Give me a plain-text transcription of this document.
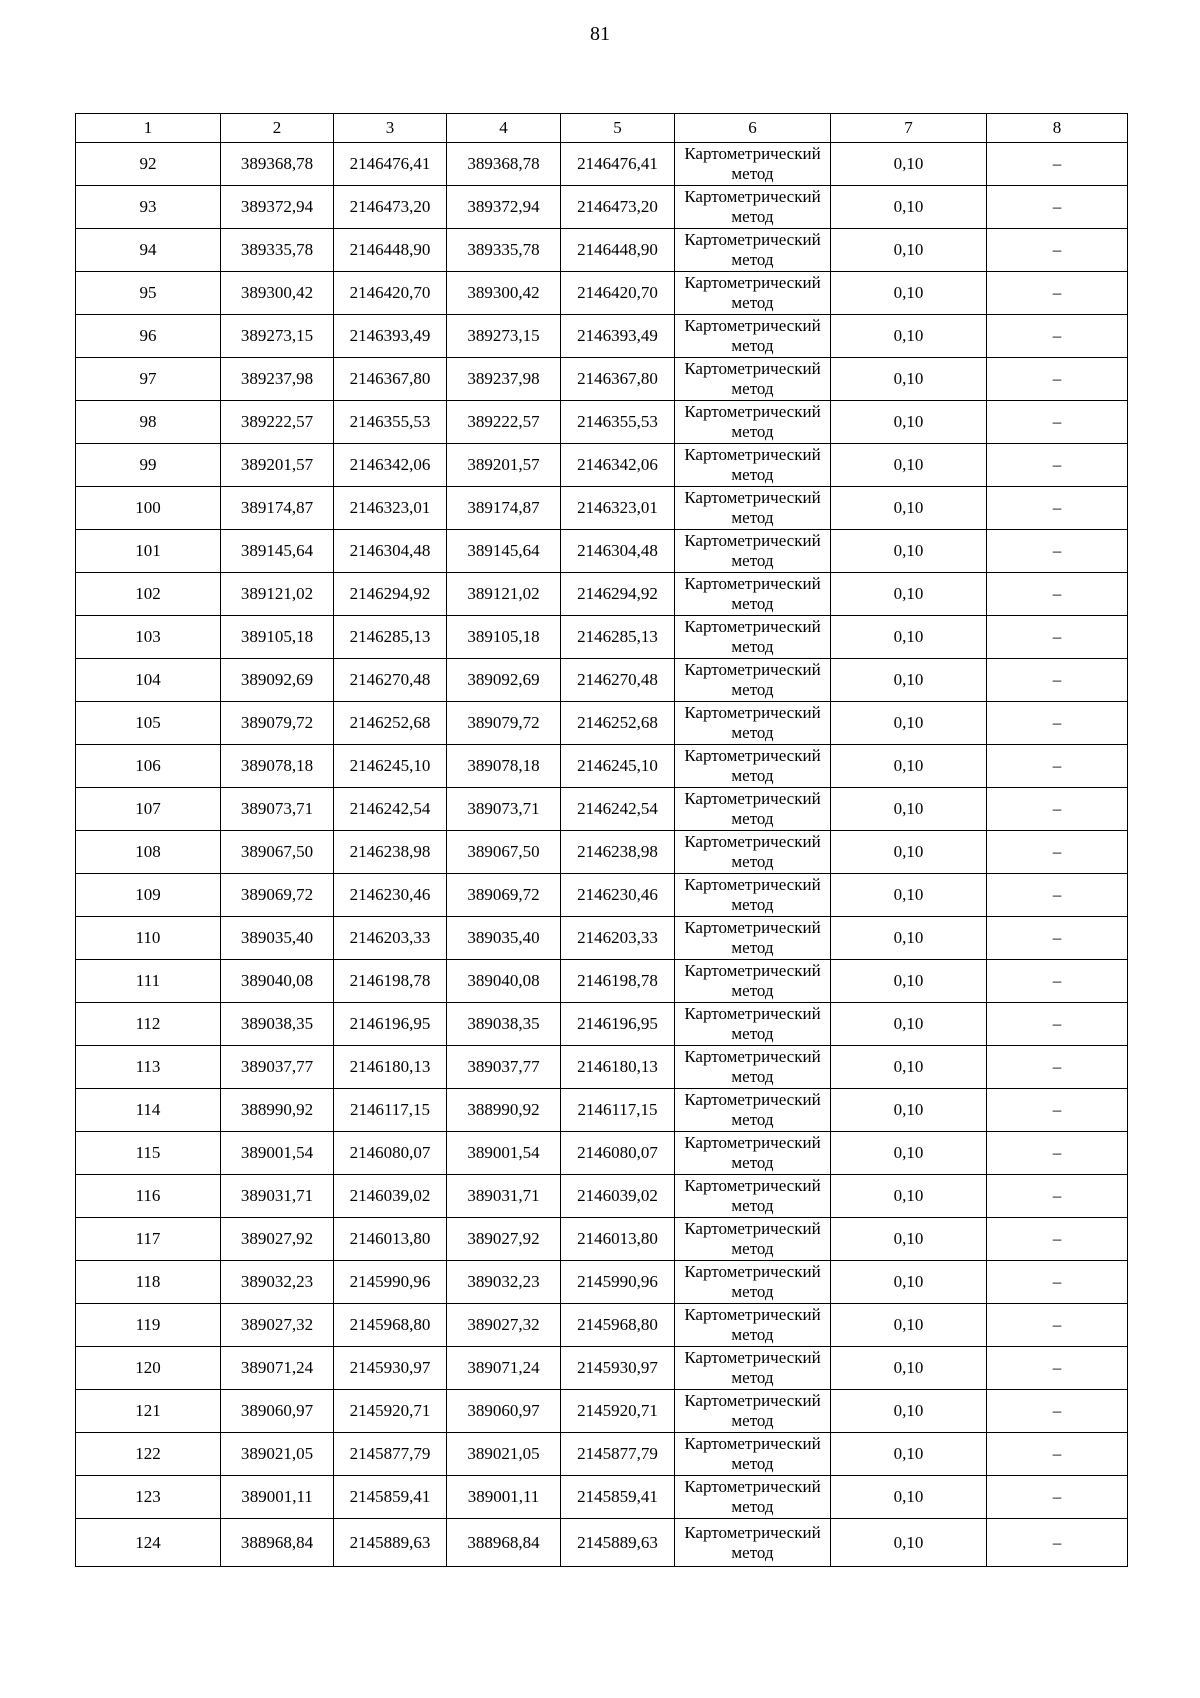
81
1	2	3	4	5	6	7	8
92	389368,78	2146476,41	389368,78	2146476,41	Картометрический
метод	0,10	–
93	389372,94	2146473,20	389372,94	2146473,20	Картометрический
метод	0,10	–
94	389335,78	2146448,90	389335,78	2146448,90	Картометрический
метод	0,10	–
95	389300,42	2146420,70	389300,42	2146420,70	Картометрический
метод	0,10	–
96	389273,15	2146393,49	389273,15	2146393,49	Картометрический
метод	0,10	–
97	389237,98	2146367,80	389237,98	2146367,80	Картометрический
метод	0,10	–
98	389222,57	2146355,53	389222,57	2146355,53	Картометрический
метод	0,10	–
99	389201,57	2146342,06	389201,57	2146342,06	Картометрический
метод	0,10	–
100	389174,87	2146323,01	389174,87	2146323,01	Картометрический
метод	0,10	–
101	389145,64	2146304,48	389145,64	2146304,48	Картометрический
метод	0,10	–
102	389121,02	2146294,92	389121,02	2146294,92	Картометрический
метод	0,10	–
103	389105,18	2146285,13	389105,18	2146285,13	Картометрический
метод	0,10	–
104	389092,69	2146270,48	389092,69	2146270,48	Картометрический
метод	0,10	–
105	389079,72	2146252,68	389079,72	2146252,68	Картометрический
метод	0,10	–
106	389078,18	2146245,10	389078,18	2146245,10	Картометрический
метод	0,10	–
107	389073,71	2146242,54	389073,71	2146242,54	Картометрический
метод	0,10	–
108	389067,50	2146238,98	389067,50	2146238,98	Картометрический
метод	0,10	–
109	389069,72	2146230,46	389069,72	2146230,46	Картометрический
метод	0,10	–
110	389035,40	2146203,33	389035,40	2146203,33	Картометрический
метод	0,10	–
111	389040,08	2146198,78	389040,08	2146198,78	Картометрический
метод	0,10	–
112	389038,35	2146196,95	389038,35	2146196,95	Картометрический
метод	0,10	–
113	389037,77	2146180,13	389037,77	2146180,13	Картометрический
метод	0,10	–
114	388990,92	2146117,15	388990,92	2146117,15	Картометрический
метод	0,10	–
115	389001,54	2146080,07	389001,54	2146080,07	Картометрический
метод	0,10	–
116	389031,71	2146039,02	389031,71	2146039,02	Картометрический
метод	0,10	–
117	389027,92	2146013,80	389027,92	2146013,80	Картометрический
метод	0,10	–
118	389032,23	2145990,96	389032,23	2145990,96	Картометрический
метод	0,10	–
119	389027,32	2145968,80	389027,32	2145968,80	Картометрический
метод	0,10	–
120	389071,24	2145930,97	389071,24	2145930,97	Картометрический
метод	0,10	–
121	389060,97	2145920,71	389060,97	2145920,71	Картометрический
метод	0,10	–
122	389021,05	2145877,79	389021,05	2145877,79	Картометрический
метод	0,10	–
123	389001,11	2145859,41	389001,11	2145859,41	Картометрический
метод	0,10	–
124	388968,84	2145889,63	388968,84	2145889,63	Картометрический
метод	0,10	–
